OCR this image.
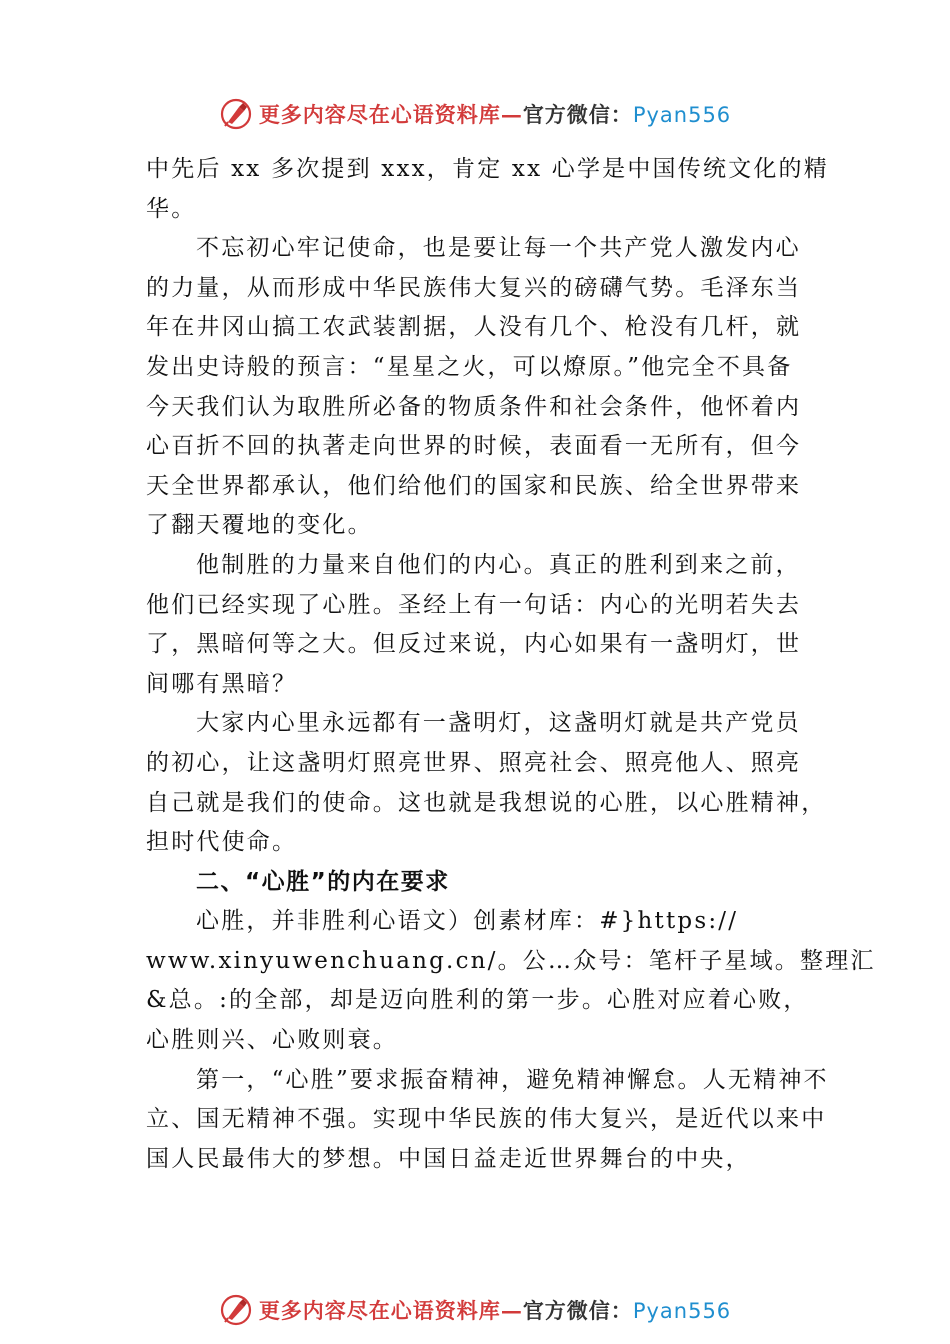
更多内容尽在心语资料库—官方微信：Pyan556

中先后 xx 多次提到 xxx，肯定 xx 心学是中国传统文化的精
华。

不忘初心牢记使命，也是要让每一个共产党人激发内心
的力量，从而形成中华民族伟大复兴的磅礴气势。毛泽东当
年在井冈山搞工农武装割据，人没有几个、枪没有几杆，就
发出史诗般的预言：“星星之火，可以燎原。”他完全不具备
今天我们认为取胜所必备的物质条件和社会条件，他怀着内
心百折不回的执著走向世界的时候，表面看一无所有，但今
天全世界都承认，他们给他们的国家和民族、给全世界带来
了翻天覆地的变化。

他制胜的力量来自他们的内心。真正的胜利到来之前，
他们已经实现了心胜。圣经上有一句话：内心的光明若失去
了，黑暗何等之大。但反过来说，内心如果有一盏明灯，世
间哪有黑暗？

大家内心里永远都有一盏明灯，这盏明灯就是共产党员
的初心，让这盏明灯照亮世界、照亮社会、照亮他人、照亮
自己就是我们的使命。这也就是我想说的心胜，以心胜精神，
担时代使命。

二、“心胜”的内在要求

心胜，并非胜利心语文）创素材库：#}https://
www.xinyuwenchuang.cn/。公…众号：笔杆子星域。整理汇
&总。:的全部，却是迈向胜利的第一步。心胜对应着心败，
心胜则兴、心败则衰。

第一，“心胜”要求振奋精神，避免精神懈怠。人无精神不
立、国无精神不强。实现中华民族的伟大复兴，是近代以来中
国人民最伟大的梦想。中国日益走近世界舞台的中央，

更多内容尽在心语资料库—官方微信：Pyan556
